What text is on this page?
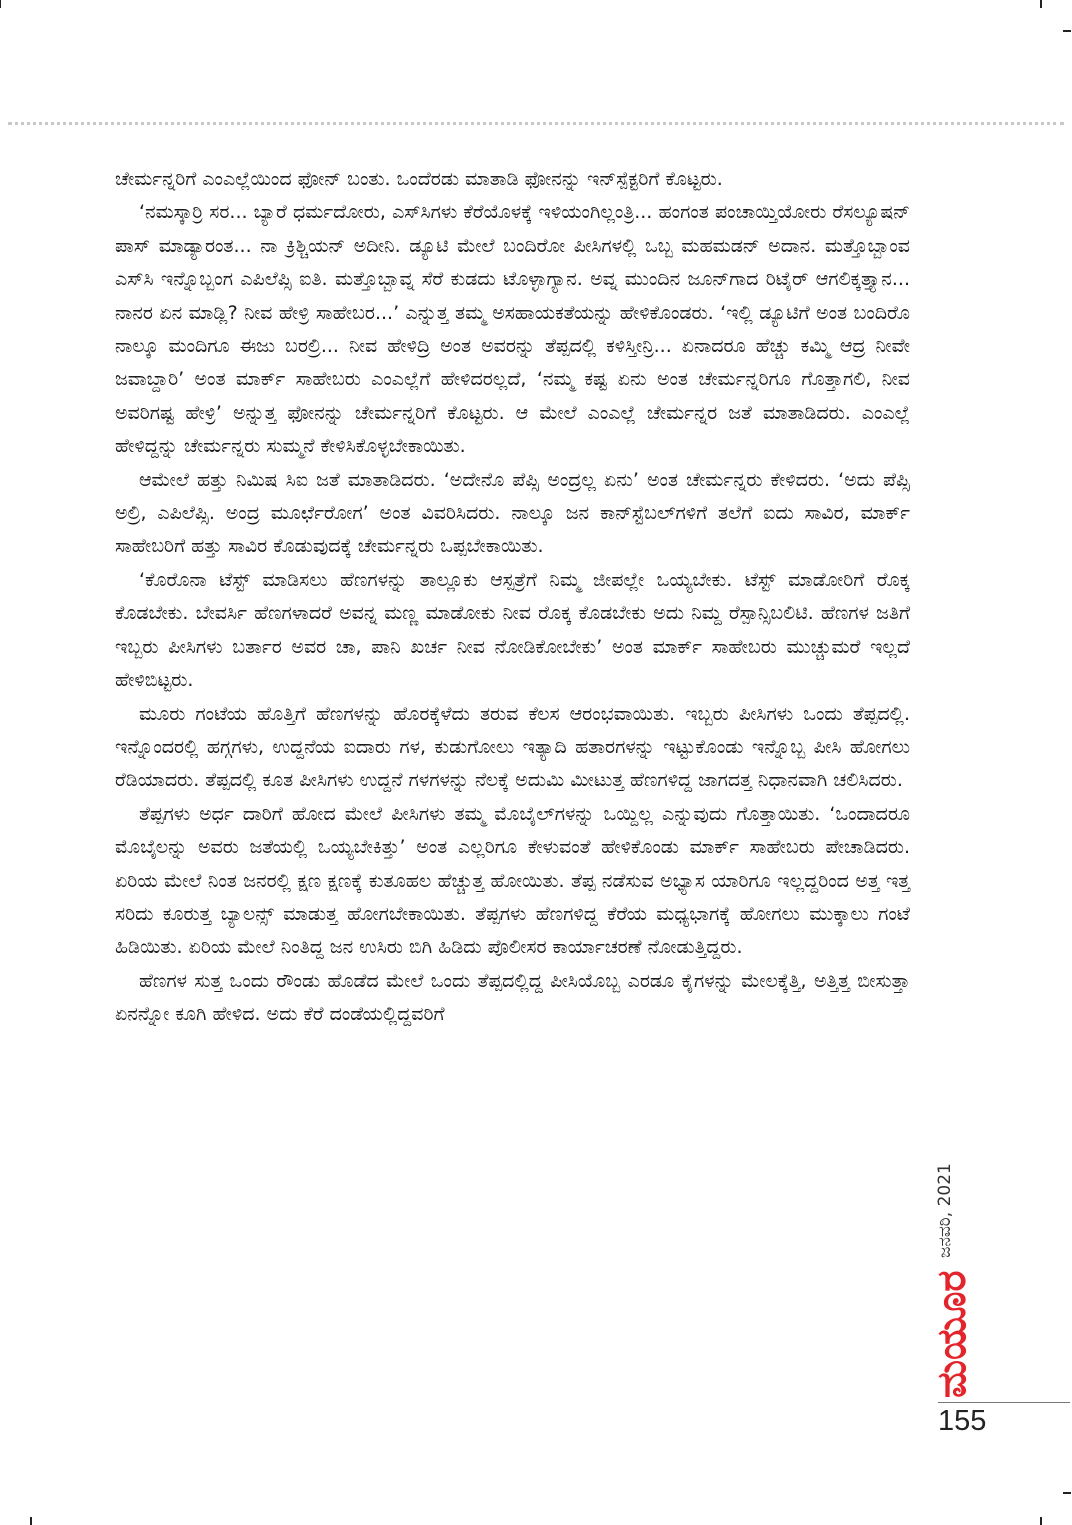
ಚೇರ್ಮನ್ನರಿಗೆ ಎಂಎಲ್ಲೆಯಿಂದ ಫೋನ್ ಬಂತು. ಒಂದೆರಡು ಮಾತಾಡಿ ಫೋನನ್ನು ಇನ್‌ಸ್ಪೆಕ್ಟರಿಗೆ ಕೊಟ್ಟರು.

‘ನಮಸ್ಕಾರ್ರಿ ಸರ... ಬ್ಯಾರೆ ಧರ್ಮದೋರು, ಎಸ್‌ಸಿಗಳು ಕೆರೆಯೊಳಕ್ಕೆ ಇಳಿಯಂಗಿಲ್ಲಂತ್ರಿ... ಹಂಗಂತ ಪಂಚಾಯ್ತಿಯೋರು ರೆಸಲ್ಯೂಷನ್ ಪಾಸ್ ಮಾಡ್ಯಾರಂತ... ನಾ ಕ್ರಿಶ್ಚಿಯನ್ ಅದೀನಿ. ಡ್ಯೂಟಿ ಮೇಲೆ ಬಂದಿರೋ ಪೀಸಿಗಳಲ್ಲಿ ಒಬ್ಬ ಮಹಮಡನ್ ಅದಾನ. ಮತ್ತೊಬ್ಬಾಂವ ಎಸ್‌ಸಿ ಇನ್ನೊಬ್ಬಂಗ ಎಪಿಲೆಪ್ಸಿ ಐತಿ. ಮತ್ತೊಬ್ಬಾವ್ನ ಸೆರೆ ಕುಡದು ಟೊಳ್ಳಾಗ್ಯಾನ. ಅವ್ನ ಮುಂದಿನ ಜೂನ್‌ಗಾದ ರಿಟೈರ್ ಆಗಲಿಕ್ಕತ್ತ್ಯಾನ... ನಾನರ ಏನ ಮಾಡ್ಲಿ? ನೀವ ಹೇಳ್ರಿ ಸಾಹೇಬರ...’ ಎನ್ನುತ್ತ ತಮ್ಮ ಅಸಹಾಯಕತೆಯನ್ನು ಹೇಳಿಕೊಂಡರು. ‘ಇಲ್ಲಿ ಡ್ಯೂಟಿಗೆ ಅಂತ ಬಂದಿರೊ ನಾಲ್ಕೂ ಮಂದಿಗೂ ಈಜು ಬರಲ್ರಿ... ನೀವ ಹೇಳಿದ್ರಿ ಅಂತ ಅವರನ್ನು ತೆಪ್ಪದಲ್ಲಿ ಕಳಿಸ್ತೀನ್ರಿ... ಏನಾದರೂ ಹೆಚ್ಚು ಕಮ್ಮಿ ಆದ್ರ ನೀವೇ ಜವಾಬ್ದಾರಿ’ ಅಂತ ಮಾರ್ಕ್ ಸಾಹೇಬರು ಎಂಎಲ್ಲೆಗೆ ಹೇಳಿದರಲ್ಲದೆ, ‘ನಮ್ಮ ಕಷ್ಟ ಏನು ಅಂತ ಚೇರ್ಮನ್ನರಿಗೂ ಗೊತ್ತಾಗಲಿ, ನೀವ ಅವರಿಗಷ್ಟ ಹೇಳ್ರಿ’ ಅನ್ನುತ್ತ ಫೋನನ್ನು ಚೇರ್ಮನ್ನರಿಗೆ ಕೊಟ್ಟರು. ಆ ಮೇಲೆ ಎಂಎಲ್ಲೆ ಚೇರ್ಮನ್ನರ ಜತೆ ಮಾತಾಡಿದರು. ಎಂಎಲ್ಲೆ ಹೇಳಿದ್ದನ್ನು ಚೇರ್ಮನ್ನರು ಸುಮ್ಮನೆ ಕೇಳಿಸಿಕೊಳ್ಳಬೇಕಾಯಿತು.

ಆಮೇಲೆ ಹತ್ತು ನಿಮಿಷ ಸಿಐ ಜತೆ ಮಾತಾಡಿದರು. ‘ಅದೇನೊ ಪೆಪ್ಸಿ ಅಂದ್ರಲ್ಲ ಏನು’ ಅಂತ ಚೇರ್ಮನ್ನರು ಕೇಳಿದರು. ‘ಅದು ಪೆಪ್ಸಿ ಅಲ್ರಿ, ಎಪಿಲೆಪ್ಸಿ. ಅಂದ್ರ ಮೂರ್ಛೆರೋಗ’ ಅಂತ ವಿವರಿಸಿದರು. ನಾಲ್ಕೂ ಜನ ಕಾನ್‌ಸ್ಟೆಬಲ್‌ಗಳಿಗೆ ತಲೆಗೆ ಐದು ಸಾವಿರ, ಮಾರ್ಕ್ ಸಾಹೇಬರಿಗೆ ಹತ್ತು ಸಾವಿರ ಕೊಡುವುದಕ್ಕೆ ಚೇರ್ಮನ್ನರು ಒಪ್ಪಬೇಕಾಯಿತು.

‘ಕೊರೊನಾ ಟೆಸ್ಟ್ ಮಾಡಿಸಲು ಹೆಣಗಳನ್ನು ತಾಲ್ಲೂಕು ಆಸ್ಪತ್ರೆಗೆ ನಿಮ್ಮ ಜೀಪಲ್ಲೇ ಒಯ್ಯಬೇಕು. ಟೆಸ್ಟ್ ಮಾಡೋರಿಗೆ ರೊಕ್ಕ ಕೊಡಬೇಕು. ಬೇವರ್ಸಿ ಹೆಣಗಳಾದರೆ ಅವನ್ನ ಮಣ್ಣ ಮಾಡೋಕು ನೀವ ರೊಕ್ಕ ಕೊಡಬೇಕು ಅದು ನಿಮ್ದ ರೆಸ್ಪಾನ್ಸಿಬಲಿಟಿ. ಹೆಣಗಳ ಜತಿಗೆ ಇಬ್ಬರು ಪೀಸಿಗಳು ಬರ್ತಾರ ಅವರ ಚಾ, ಪಾನಿ ಖರ್ಚ ನೀವ ನೋಡಿಕೋಬೇಕು’ ಅಂತ ಮಾರ್ಕ್ ಸಾಹೇಬರು ಮುಚ್ಚುಮರೆ ಇಲ್ಲದೆ ಹೇಳಿಬಿಟ್ಟರು.

ಮೂರು ಗಂಟೆಯ ಹೊತ್ತಿಗೆ ಹೆಣಗಳನ್ನು ಹೊರಕ್ಕೆಳೆದು ತರುವ ಕೆಲಸ ಆರಂಭವಾಯಿತು. ಇಬ್ಬರು ಪೀಸಿಗಳು ಒಂದು ತೆಪ್ಪದಲ್ಲಿ. ಇನ್ನೊಂದರಲ್ಲಿ ಹಗ್ಗಗಳು, ಉದ್ದನೆಯ ಐದಾರು ಗಳ, ಕುಡುಗೋಲು ಇತ್ಯಾದಿ ಹತಾರಗಳನ್ನು ಇಟ್ಟುಕೊಂಡು ಇನ್ನೊಬ್ಬ ಪೀಸಿ ಹೋಗಲು ರೆಡಿಯಾದರು. ತೆಪ್ಪದಲ್ಲಿ ಕೂತ ಪೀಸಿಗಳು ಉದ್ದನೆ ಗಳಗಳನ್ನು ನೆಲಕ್ಕೆ ಅದುಮಿ ಮೀಟುತ್ತ ಹೆಣಗಳಿದ್ದ ಜಾಗದತ್ತ ನಿಧಾನವಾಗಿ ಚಲಿಸಿದರು.

ತೆಪ್ಪಗಳು ಅರ್ಧ ದಾರಿಗೆ ಹೋದ ಮೇಲೆ ಪೀಸಿಗಳು ತಮ್ಮ ಮೊಬೈಲ್‌ಗಳನ್ನು ಒಯ್ದಿಲ್ಲ ಎನ್ನುವುದು ಗೊತ್ತಾಯಿತು. ‘ಒಂದಾದರೂ ಮೊಬೈಲನ್ನು ಅವರು ಜತೆಯಲ್ಲಿ ಒಯ್ಯಬೇಕಿತ್ತು’ ಅಂತ ಎಲ್ಲರಿಗೂ ಕೇಳುವಂತೆ ಹೇಳಿಕೊಂಡು ಮಾರ್ಕ್ ಸಾಹೇಬರು ಪೇಚಾಡಿದರು. ಏರಿಯ ಮೇಲೆ ನಿಂತ ಜನರಲ್ಲಿ ಕ್ಷಣ ಕ್ಷಣಕ್ಕೆ ಕುತೂಹಲ ಹೆಚ್ಚುತ್ತ ಹೋಯಿತು. ತೆಪ್ಪ ನಡೆಸುವ ಅಭ್ಯಾಸ ಯಾರಿಗೂ ಇಲ್ಲದ್ದರಿಂದ ಅತ್ತ ಇತ್ತ ಸರಿದು ಕೂರುತ್ತ ಬ್ಯಾಲನ್ಸ್ ಮಾಡುತ್ತ ಹೋಗಬೇಕಾಯಿತು. ತೆಪ್ಪಗಳು ಹೆಣಗಳಿದ್ದ ಕೆರೆಯ ಮಧ್ಯಭಾಗಕ್ಕೆ ಹೋಗಲು ಮುಕ್ಕಾಲು ಗಂಟೆ ಹಿಡಿಯಿತು. ಏರಿಯ ಮೇಲೆ ನಿಂತಿದ್ದ ಜನ ಉಸಿರು ಬಿಗಿ ಹಿಡಿದು ಪೊಲೀಸರ ಕಾರ್ಯಾಚರಣೆ ನೋಡುತ್ತಿದ್ದರು.

ಹೆಣಗಳ ಸುತ್ತ ಒಂದು ರೌಂಡು ಹೊಡೆದ ಮೇಲೆ ಒಂದು ತೆಪ್ಪದಲ್ಲಿದ್ದ ಪೀಸಿಯೊಬ್ಬ ಎರಡೂ ಕೈಗಳನ್ನು ಮೇಲಕ್ಕೆತ್ತಿ, ಅತ್ತಿತ್ತ ಬೀಸುತ್ತಾ ಏನನ್ನೋ ಕೂಗಿ ಹೇಳಿದ. ಅದು ಕೆರೆ ದಂಡೆಯಲ್ಲಿದ್ದವರಿಗೆ

ಜನವರಿ, 2021
ಮಯೂರ
155
